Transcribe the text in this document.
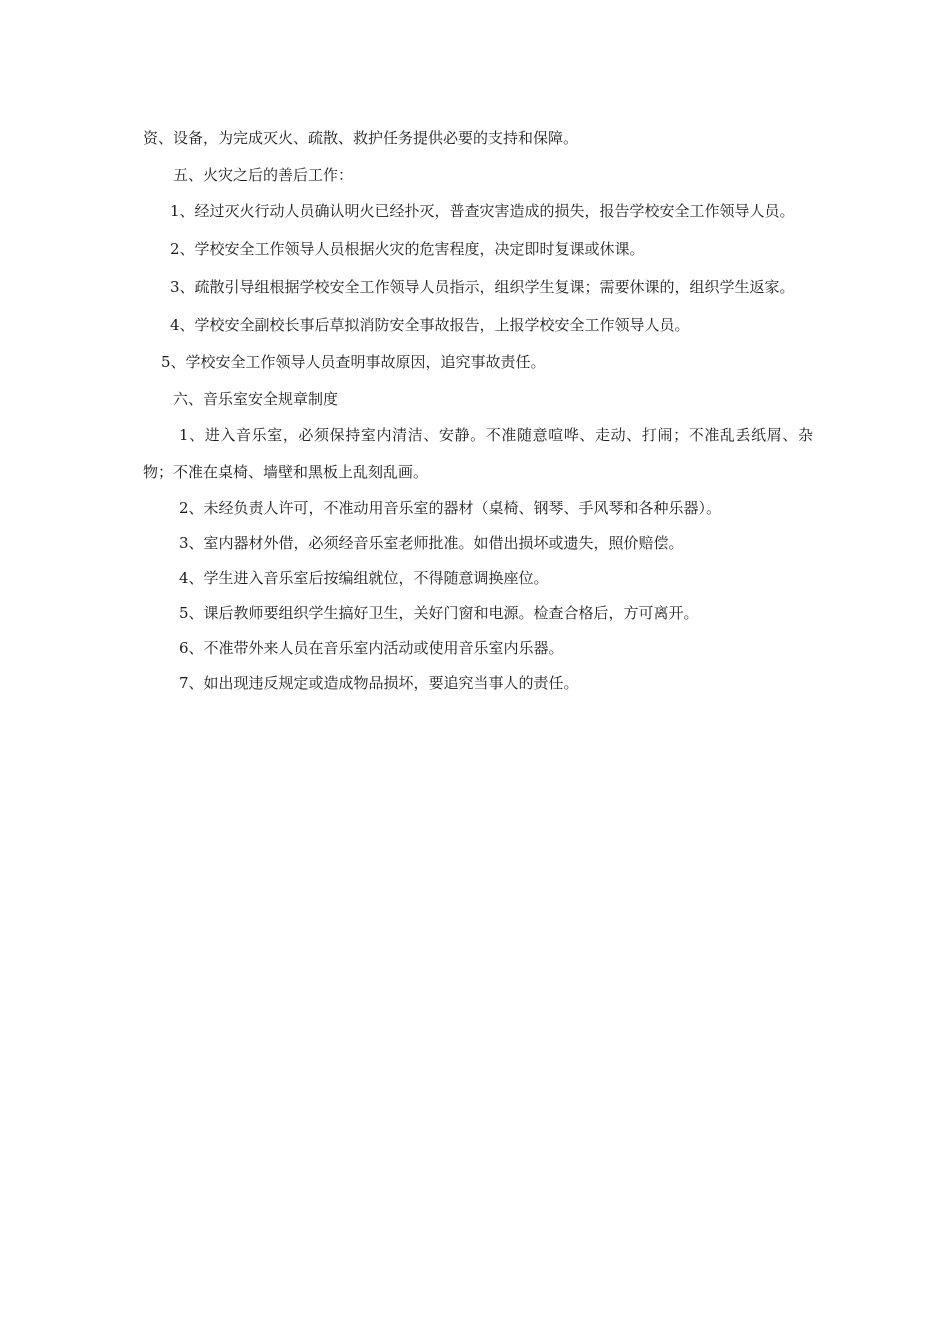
资、设备，为完成灭火、疏散、救护任务提供必要的支持和保障。

五、火灾之后的善后工作：

1、经过灭火行动人员确认明火已经扑灭，普查灾害造成的损失，报告学校安全工作领导人员。

2、学校安全工作领导人员根据火灾的危害程度，决定即时复课或休课。

3、疏散引导组根据学校安全工作领导人员指示，组织学生复课；需要休课的，组织学生返家。

4、学校安全副校长事后草拟消防安全事故报告，上报学校安全工作领导人员。

5、学校安全工作领导人员查明事故原因，追究事故责任。

六、音乐室安全规章制度

1、进入音乐室，必须保持室内清洁、安静。不准随意喧哗、走动、打闹；不准乱丢纸屑、杂物；不准在桌椅、墙壁和黑板上乱刻乱画。

2、未经负责人许可，不准动用音乐室的器材（桌椅、钢琴、手风琴和各种乐器）。

3、室内器材外借，必须经音乐室老师批准。如借出损坏或遗失，照价赔偿。

4、学生进入音乐室后按编组就位，不得随意调换座位。

5、课后教师要组织学生搞好卫生，关好门窗和电源。检查合格后，方可离开。

6、不准带外来人员在音乐室内活动或使用音乐室内乐器。

7、如出现违反规定或造成物品损坏，要追究当事人的责任。
